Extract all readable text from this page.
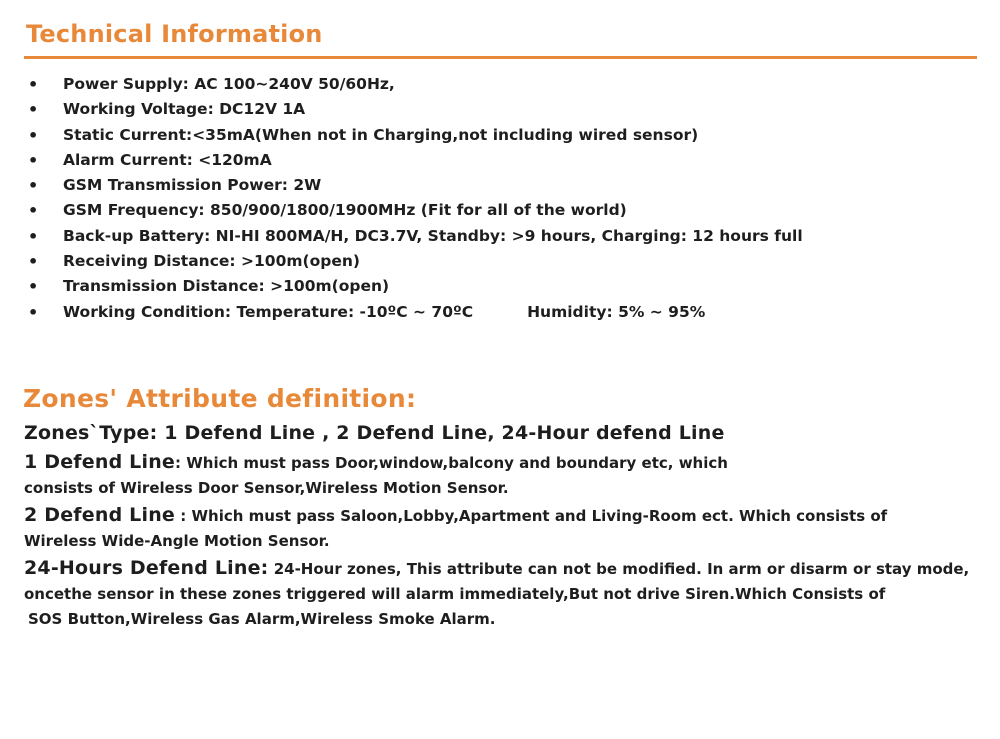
Technical Information
• Power Supply: AC 100~240V 50/60Hz,
• Working Voltage: DC12V 1A
• Static Current:<35mA(When not in Charging,not including wired sensor)
• Alarm Current: <120mA
• GSM Transmission Power: 2W
• GSM Frequency: 850/900/1800/1900MHz (Fit for all of the world)
• Back-up Battery: NI-HI 800MA/H, DC3.7V, Standby: >9 hours, Charging: 12 hours full
• Receiving Distance: >100m(open)
• Transmission Distance: >100m(open)
• Working Condition: Temperature: -10ºC ~ 70ºC          Humidity: 5% ~ 95%
Zones' Attribute definition:
Zones`Type: 1 Defend Line , 2 Defend Line, 24-Hour defend Line
1 Defend Line: Which must pass Door,window,balcony and boundary etc, which
consists of Wireless Door Sensor,Wireless Motion Sensor.
2 Defend Line : Which must pass Saloon,Lobby,Apartment and Living-Room ect. Which consists of
Wireless Wide-Angle Motion Sensor.
24-Hours Defend Line: 24-Hour zones, This attribute can not be modified. In arm or disarm or stay mode,
oncethe sensor in these zones triggered will alarm immediately,But not drive Siren.Which Consists of
SOS Button,Wireless Gas Alarm,Wireless Smoke Alarm.
